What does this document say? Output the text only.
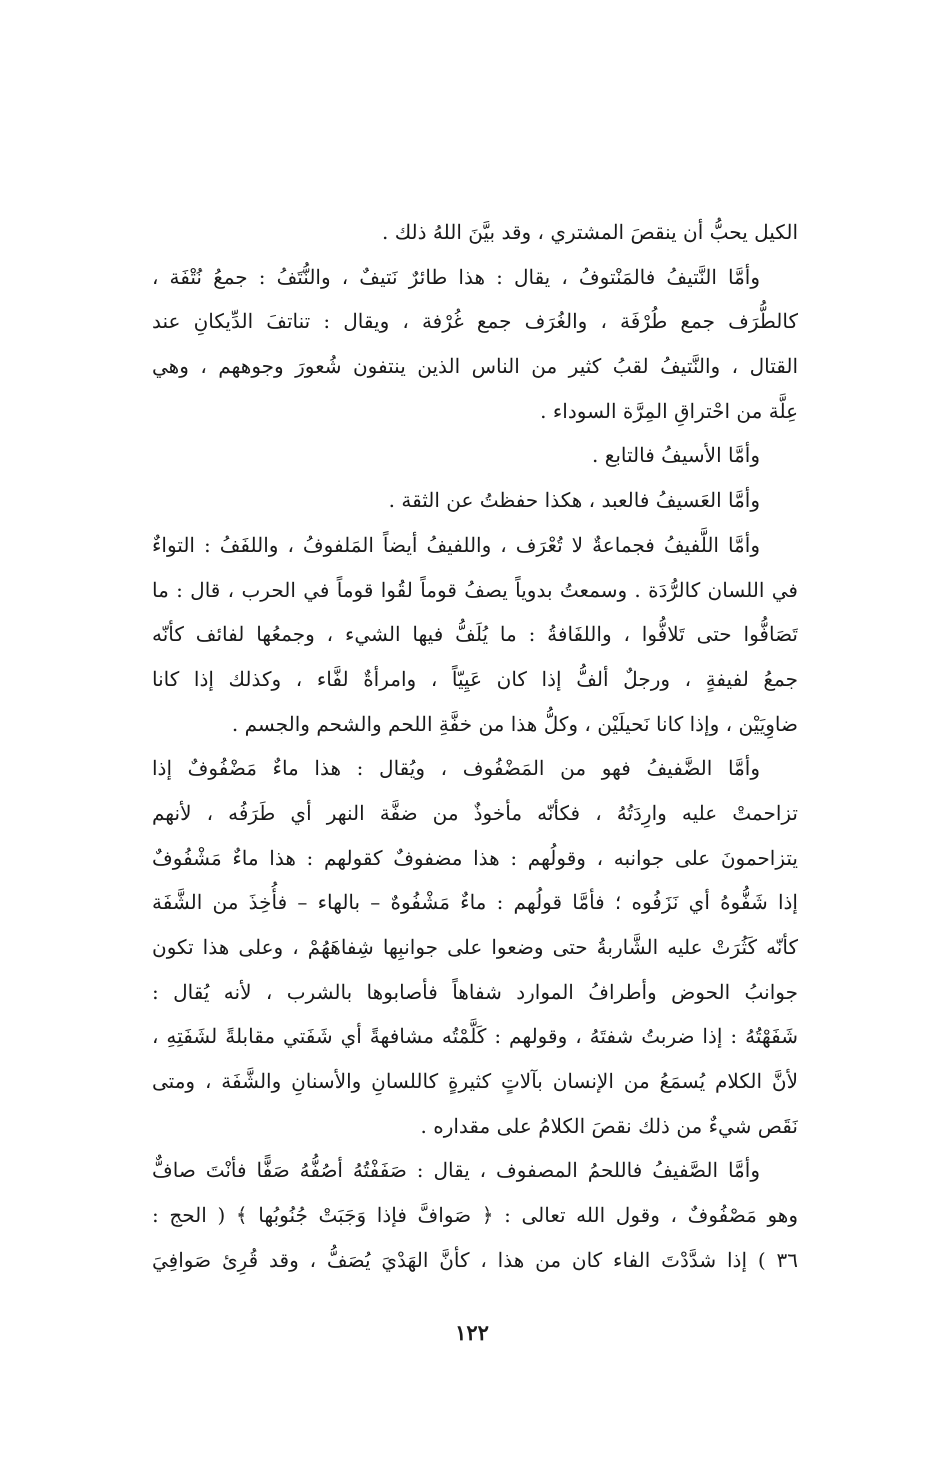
الكيل يحبُّ أن ينقصَ المشتري ، وقد بيَّنَ اللهُ ذلك .
وأمَّا النَّتيفُ فالمَنْتوفُ ، يقال : هذا طائرٌ نَتيفٌ ، والنُّتَفُ : جمعُ نُتْفَة ،
كالطُّرَف جمع طُرْفَة ، والغُرَف جمع غُرْفة ، ويقال : تناتفَ الدِّيكانِ عند
القتال ، والنَّتيفُ لقبُ كثير من الناس الذين ينتفون شُعورَ وجوههم ، وهي
عِلَّة من احْتراقِ المِرَّة السوداء .
وأمَّا الأسيفُ فالتابع .
وأمَّا العَسيفُ فالعبد ، هكذا حفظتُ عن الثقة .
وأمَّا اللَّفيفُ فجماعةٌ لا تُعْرَف ، واللفيفُ أيضاً المَلفوفُ ، واللفَفُ : التواءٌ
في اللسان كالرُّدَة . وسمعتُ بدوياً يصفُ قوماً لقُوا قوماً في الحرب ، قال : ما
تَصَافُّوا حتى تَلافُّوا ، واللفَافةُ : ما يُلَفُّ فيها الشيء ، وجمعُها لفائف كأنّه
جمعُ لفيفةٍ ، ورجلٌ ألفُّ إذا كان عَيِيّاً ، وامرأةٌ لفَّاء ، وكذلك إذا كانا
ضاوِيَيْن ، وإذا كانا نَحيلَيْن ، وكلُّ هذا من خفَّةِ اللحم والشحم والجسم .
وأمَّا الضَّفيفُ فهو من المَضْفُوف ، ويُقال : هذا ماءٌ مَضْفُوفٌ إذا
تزاحمتْ عليه وارِدَتُهُ ، فكأنّه مأخوذٌ من ضفَّة النهر أي طَرَفُه ، لأنهم
يتزاحمونَ على جوانبه ، وقولُهم : هذا مضفوفٌ كقولهم : هذا ماءٌ مَشْفُوفٌ
إذا شَفُّوهُ أي نَزَفُوه ؛ فأمَّا قولُهم : ماءٌ مَشْفُوهٌ – بالهاء – فأُخِذَ من الشَّفَة
كأنّه كَثُرَتْ عليه الشَّاربةُ حتى وضعوا على جوانبِها شِفاهَهُمْ ، وعلى هذا تكون
جوانبُ الحوض وأطرافُ الموارد شفاهاً فأصابوها بالشرب ، لأنه يُقال :
شَفَهْتُهُ : إذا ضربتُ شفتَهُ ، وقولهم : كَلَّمْتُه مشافهةً أي شَفَتي مقابلةً لشَفَتِهِ ،
لأنَّ الكلام يُسمَعُ من الإنسان بآلاتٍ كثيرةٍ كاللسانِ والأسنانِ والشَّفَة ، ومتى
نَقَص شيءٌ من ذلك نقصَ الكلامُ على مقداره .
وأمَّا الصَّفيفُ فاللحمُ المصفوف ، يقال : صَفَفْتُهُ أصُفُّهُ صَفًّا فأنْتَ صافٌّ
وهو مَصْفُوفٌ ، وقول الله تعالى : ﴿ صَوافَّ فإذا وَجَبَتْ جُنُوبُها ﴾ ( الحج :
٣٦ ) إذا شدَّدْتَ الفاء كان من هذا ، كأنَّ الهَدْيَ يُصَفُّ ، وقد قُرِئ صَوافِيَ
١٢٢
